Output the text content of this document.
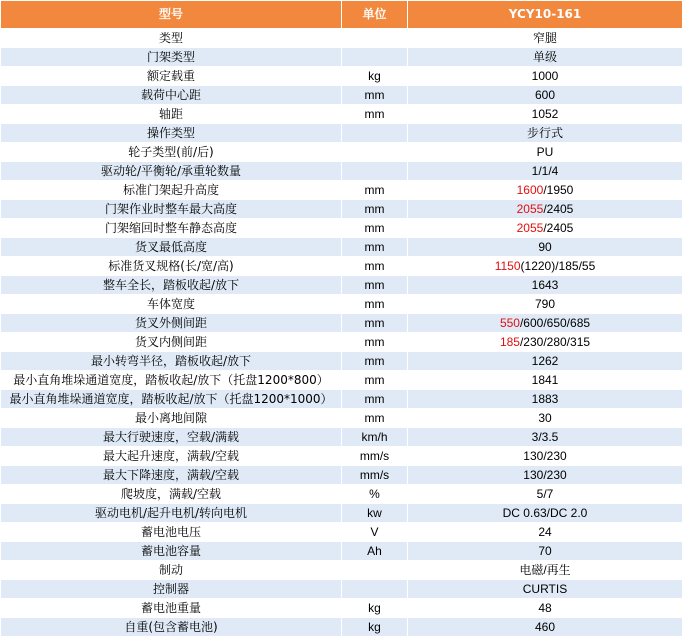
型号	单位	YCY10-161
类型		窄腿
门架类型		单级
额定载重	kg	1000
载荷中心距	mm	600
轴距	mm	1052
操作类型		步行式
轮子类型(前/后)		PU
驱动轮/平衡轮/承重轮数量		1/1/4
标准门架起升高度	mm	1600/1950
门架作业时整车最大高度	mm	2055/2405
门架缩回时整车静态高度	mm	2055/2405
货叉最低高度	mm	90
标准货叉规格(长/宽/高)	mm	1150(1220)/185/55
整车全长，踏板收起/放下	mm	1643
车体宽度	mm	790
货叉外侧间距	mm	550/600/650/685
货叉内侧间距	mm	185/230/280/315
最小转弯半径，踏板收起/放下	mm	1262
最小直角堆垛通道宽度，踏板收起/放下（托盘1200*800）	mm	1841
最小直角堆垛通道宽度，踏板收起/放下（托盘1200*1000）	mm	1883
最小离地间隙	mm	30
最大行驶速度，空载/满载	km/h	3/3.5
最大起升速度，满载/空载	mm/s	130/230
最大下降速度，满载/空载	mm/s	130/230
爬坡度，满载/空载	%	5/7
驱动电机/起升电机/转向电机	kw	DC 0.63/DC 2.0
蓄电池电压	V	24
蓄电池容量	Ah	70
制动		电磁/再生
控制器		CURTIS
蓄电池重量	kg	48
自重(包含蓄电池)	kg	460
